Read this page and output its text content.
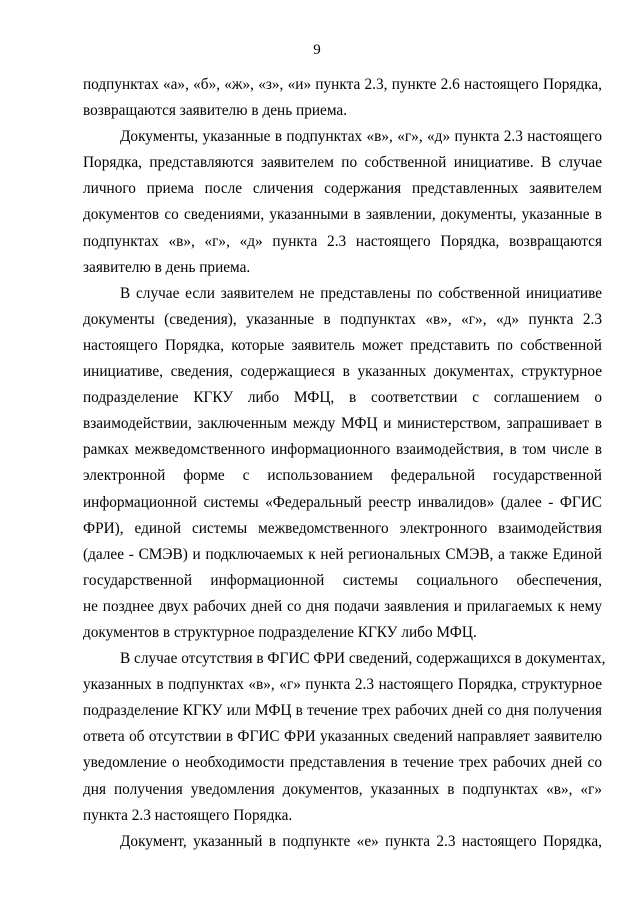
9
подпунктах «а», «б», «ж», «з», «и» пункта 2.3, пункте 2.6 настоящего Порядка,
возвращаются заявителю в день приема.
Документы, указанные в подпунктах «в», «г», «д» пункта 2.3 настоящего
Порядка, представляются заявителем по собственной инициативе. В случае
личного приема после сличения содержания представленных заявителем
документов со сведениями, указанными в заявлении, документы, указанные в
подпунктах «в», «г», «д» пункта 2.3 настоящего Порядка, возвращаются
заявителю в день приема.
В случае если заявителем не представлены по собственной инициативе
документы (сведения), указанные в подпунктах «в», «г», «д» пункта 2.3
настоящего Порядка, которые заявитель может представить по собственной
инициативе, сведения, содержащиеся в указанных документах, структурное
подразделение КГКУ либо МФЦ, в соответствии с соглашением о
взаимодействии, заключенным между МФЦ и министерством, запрашивает в
рамках межведомственного информационного взаимодействия, в том числе в
электронной форме с использованием федеральной государственной
информационной системы «Федеральный реестр инвалидов» (далее - ФГИС
ФРИ), единой системы межведомственного электронного взаимодействия
(далее - СМЭВ) и подключаемых к ней региональных СМЭВ, а также Единой
государственной информационной системы социального обеспечения,
не позднее двух рабочих дней со дня подачи заявления и прилагаемых к нему
документов в структурное подразделение КГКУ либо МФЦ.
В случае отсутствия в ФГИС ФРИ сведений, содержащихся в документах,
указанных в подпунктах «в», «г» пункта 2.3 настоящего Порядка, структурное
подразделение КГКУ или МФЦ в течение трех рабочих дней со дня получения
ответа об отсутствии в ФГИС ФРИ указанных сведений направляет заявителю
уведомление о необходимости представления в течение трех рабочих дней со
дня получения уведомления документов, указанных в подпунктах «в», «г»
пункта 2.3 настоящего Порядка.
Документ, указанный в подпункте «е» пункта 2.3 настоящего Порядка,
